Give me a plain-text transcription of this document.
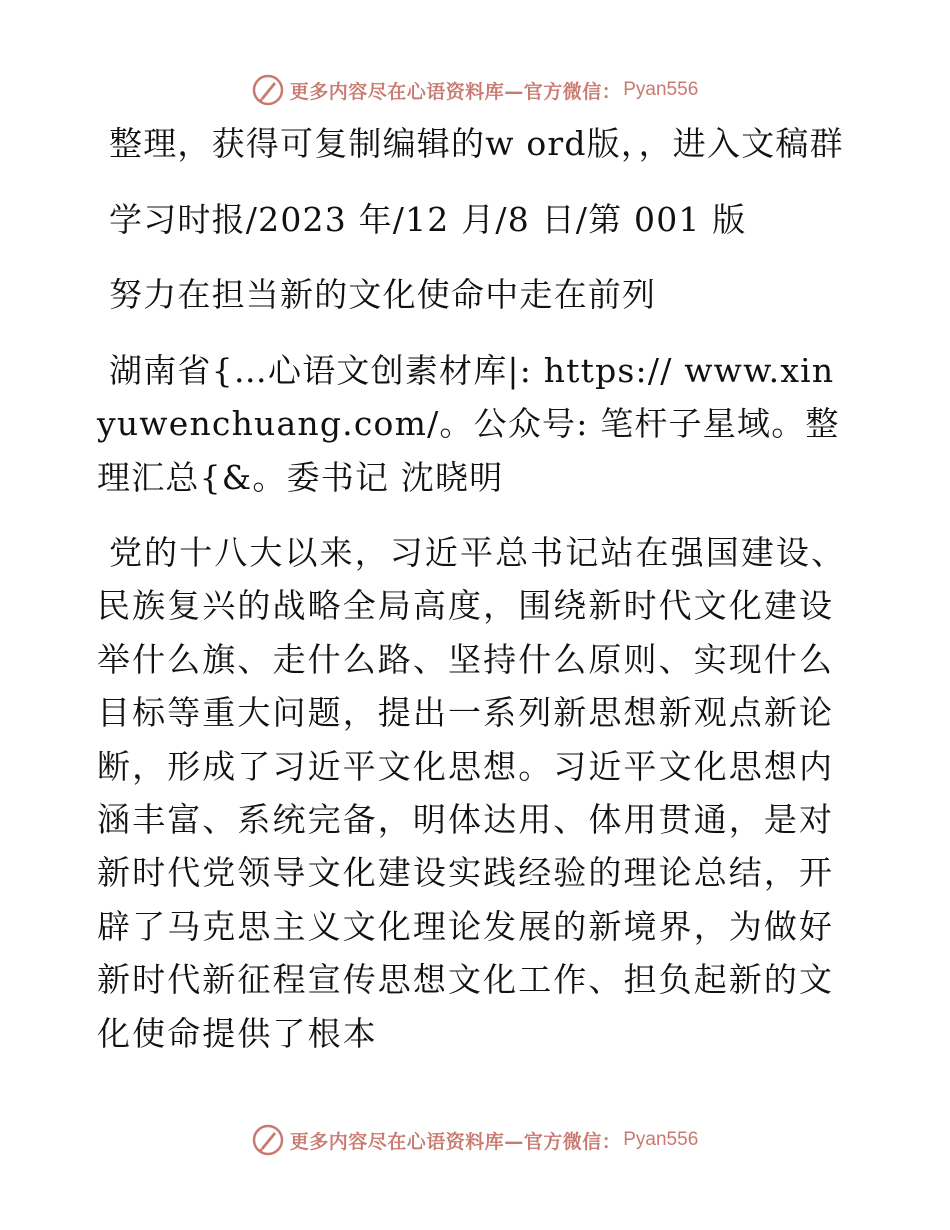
更多内容尽在心语资料库—官方微信： Pyan556

整理，获得可复制编辑的w ord版，，进入文稿群

学习时报/2023 年/12 月/8 日/第 001 版

努力在担当新的文化使命中走在前列

湖南省{…心语文创素材库|: https:// www.xinyuwenchuang.com/。公众号: 笔杆子星域。整理汇总{&。委书记 沈晓明

党的十八大以来，习近平总书记站在强国建设、民族复兴的战略全局高度，围绕新时代文化建设举什么旗、走什么路、坚持什么原则、实现什么目标等重大问题，提出一系列新思想新观点新论断，形成了习近平文化思想。习近平文化思想内涵丰富、系统完备，明体达用、体用贯通，是对新时代党领导文化建设实践经验的理论总结，开辟了马克思主义文化理论发展的新境界，为做好新时代新征程宣传思想文化工作、担负起新的文化使命提供了根本

更多内容尽在心语资料库—官方微信： Pyan556
